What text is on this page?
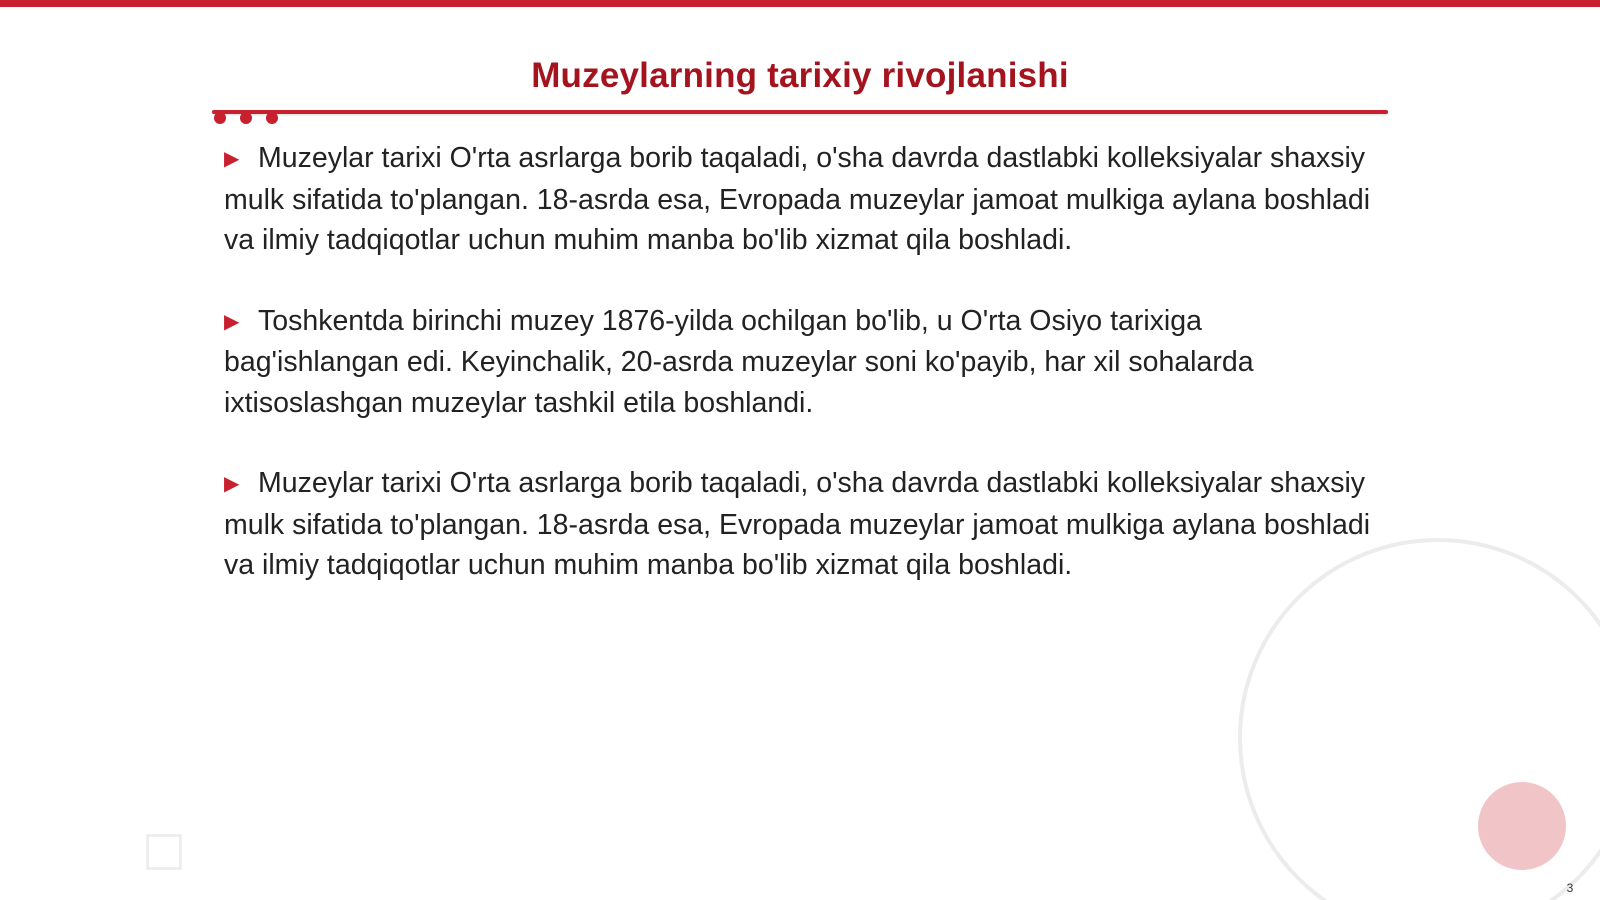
Muzeylarning tarixiy rivojlanishi

▶ Muzeylar tarixi O'rta asrlarga borib taqaladi, o'sha davrda dastlabki kolleksiyalar shaxsiy mulk sifatida to'plangan. 18-asrda esa, Evropada muzeylar jamoat mulkiga aylana boshladi va ilmiy tadqiqotlar uchun muhim manba bo'lib xizmat qila boshladi.

▶ Toshkentda birinchi muzey 1876-yilda ochilgan bo'lib, u O'rta Osiyo tarixiga bag'ishlangan edi. Keyinchalik, 20-asrda muzeylar soni ko'payib, har xil sohalarda ixtisoslashgan muzeylar tashkil etila boshlandi.

▶ Muzeylar tarixi O'rta asrlarga borib taqaladi, o'sha davrda dastlabki kolleksiyalar shaxsiy mulk sifatida to'plangan. 18-asrda esa, Evropada muzeylar jamoat mulkiga aylana boshladi va ilmiy tadqiqotlar uchun muhim manba bo'lib xizmat qila boshladi.

3
